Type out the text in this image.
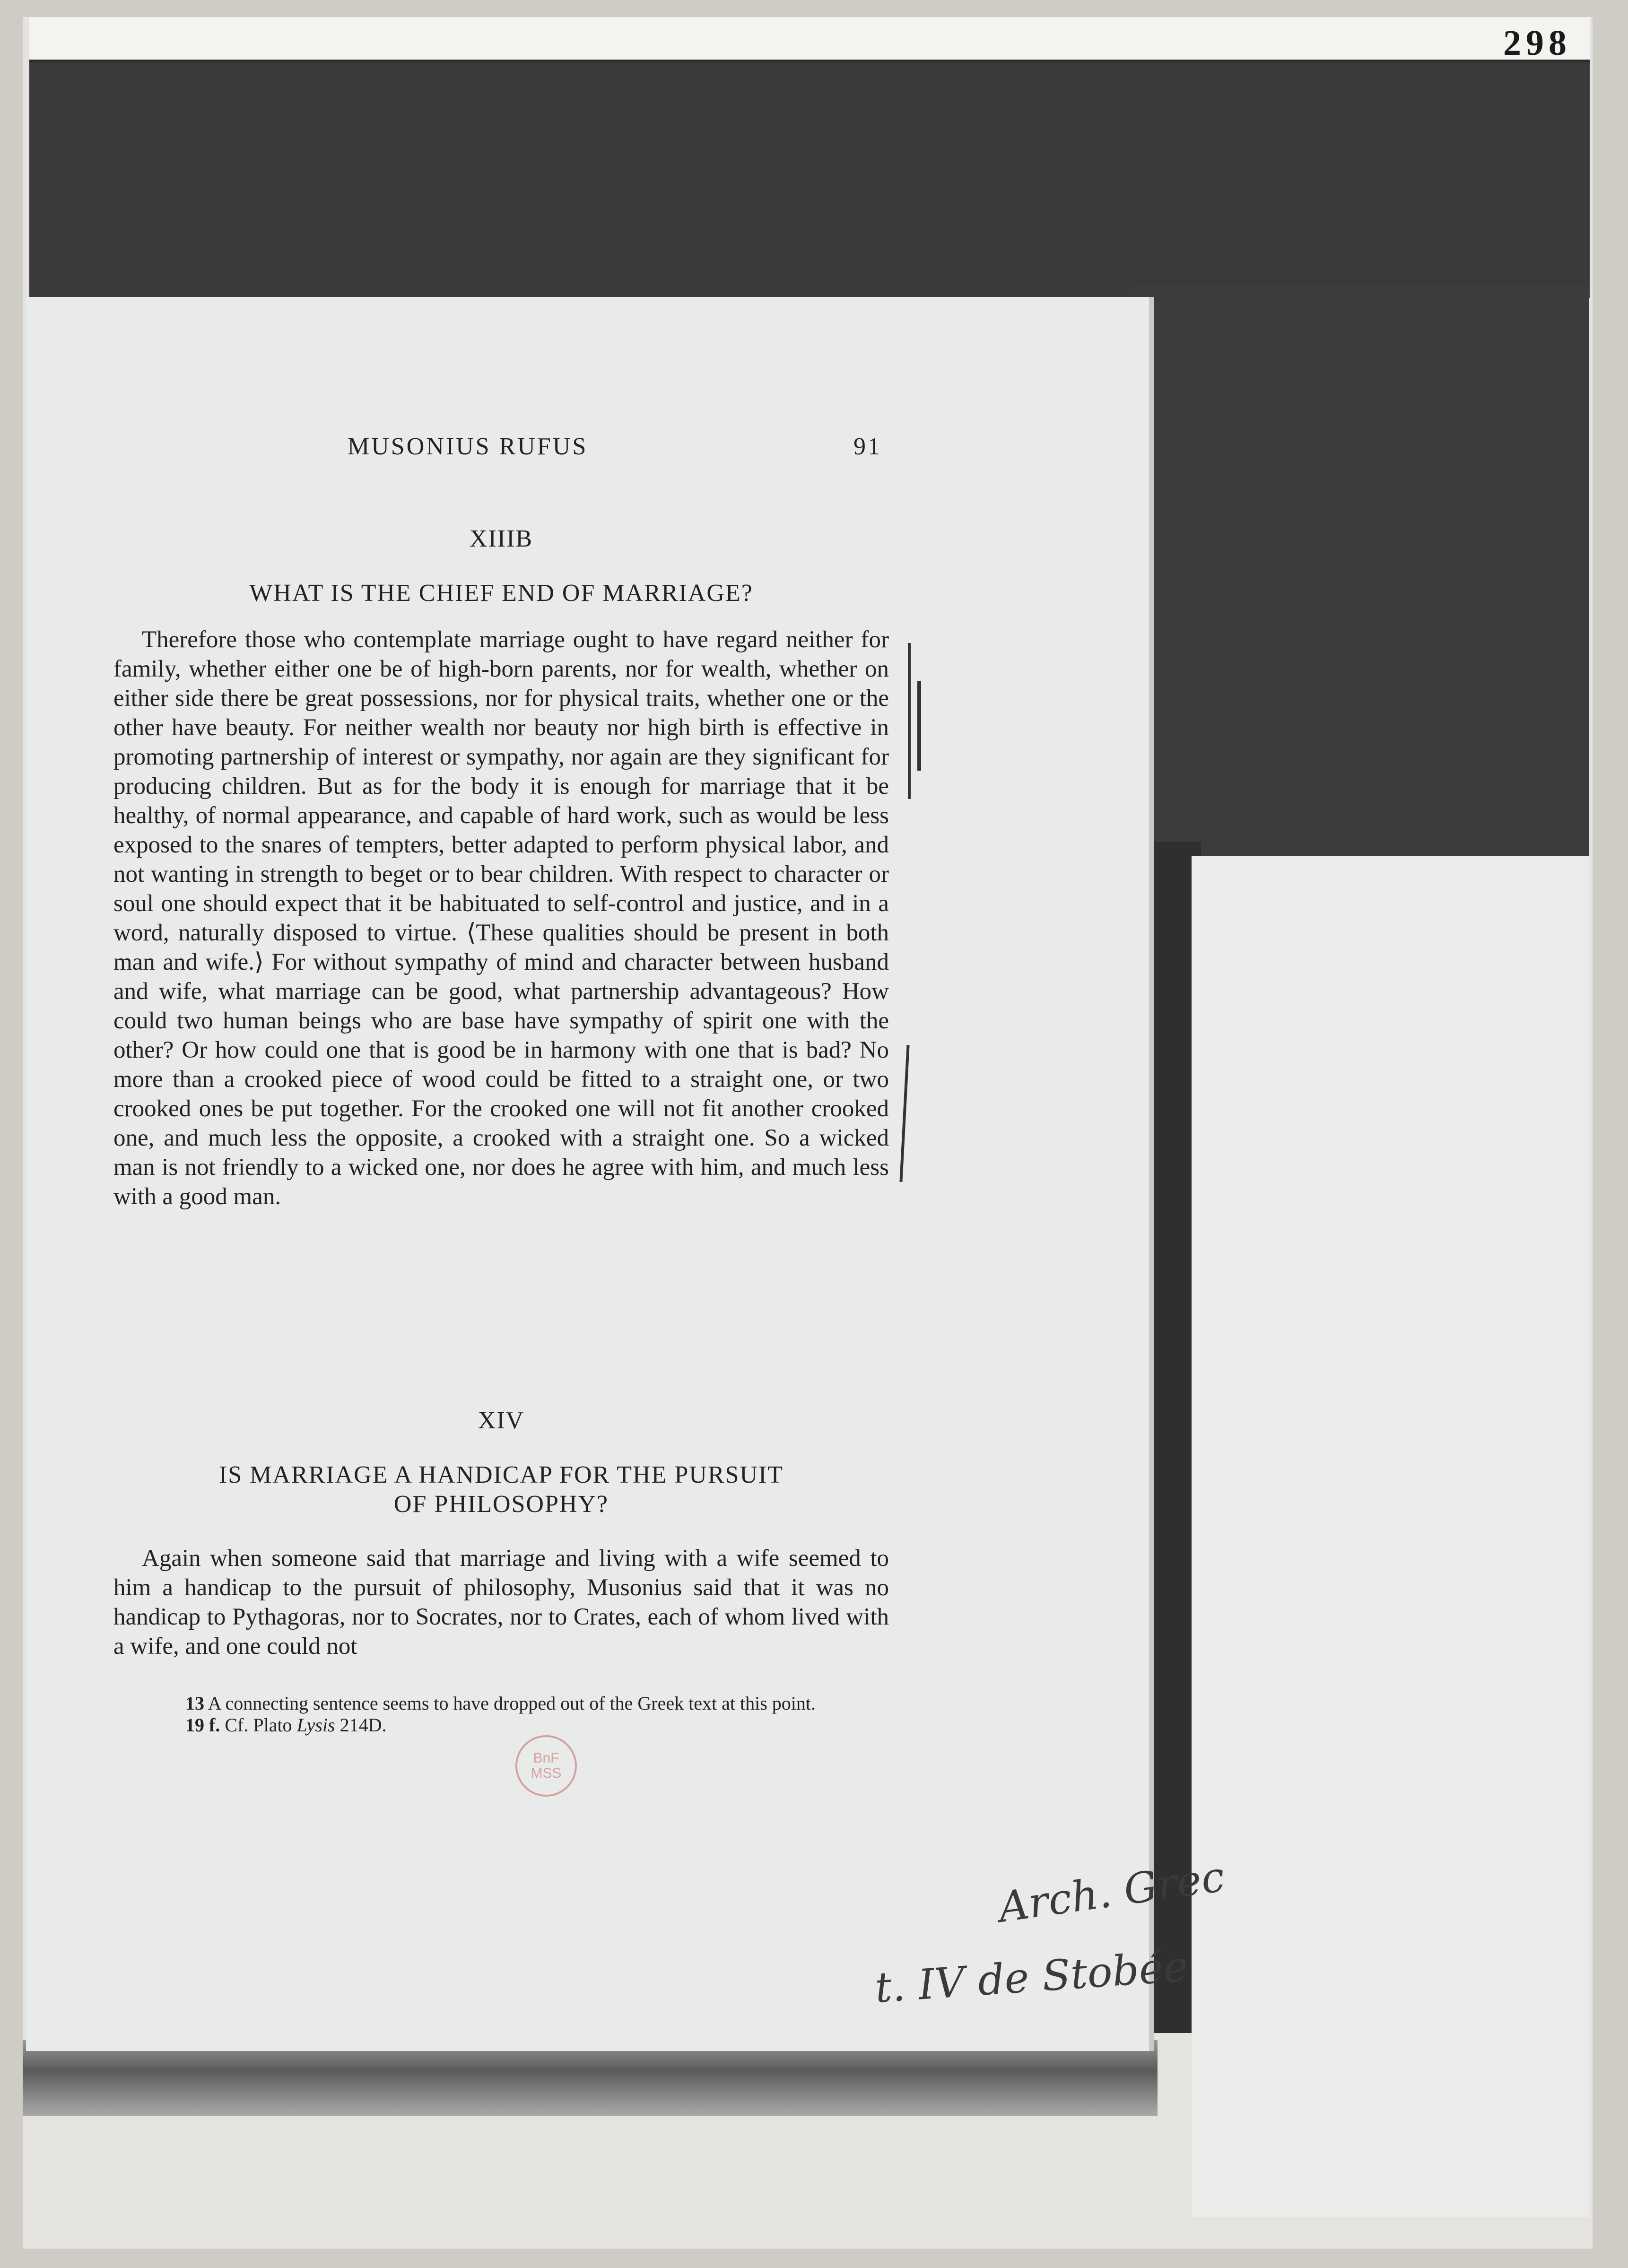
298
MUSONIUS RUFUS	91
XIIIB
WHAT IS THE CHIEF END OF MARRIAGE?

Therefore those who contemplate marriage ought to have regard neither for family, whether either one be of high-born parents, nor for wealth, whether on either side there be great possessions, nor for physical traits, whether one or the other have beauty. For neither wealth nor beauty nor high birth is effective in promoting partnership of interest or sympathy, nor again are they significant for producing children. But as for the body it is enough for marriage that it be healthy, of normal appearance, and capable of hard work, such as would be less exposed to the snares of tempters, better adapted to perform physical labor, and not wanting in strength to beget or to bear children. With respect to character or soul one should expect that it be habituated to self-control and justice, and in a word, naturally disposed to virtue. ⟨These qualities should be present in both man and wife.⟩ For without sympathy of mind and character between husband and wife, what marriage can be good, what partnership advantageous? How could two human beings who are base have sympathy of spirit one with the other? Or how could one that is good be in harmony with one that is bad? No more than a crooked piece of wood could be fitted to a straight one, or two crooked ones be put together. For the crooked one will not fit another crooked one, and much less the opposite, a crooked with a straight one. So a wicked man is not friendly to a wicked one, nor does he agree with him, and much less with a good man.

XIV
IS MARRIAGE A HANDICAP FOR THE PURSUIT
OF PHILOSOPHY?

Again when someone said that marriage and living with a wife seemed to him a handicap to the pursuit of philosophy, Musonius said that it was no handicap to Pythagoras, nor to Socrates, nor to Crates, each of whom lived with a wife, and one could not

13 A connecting sentence seems to have dropped out of the Greek text at this point.

19 f. Cf. Plato Lysis 214D.

BnF
MSS
Arch. Grec
t. IV de Stobée
